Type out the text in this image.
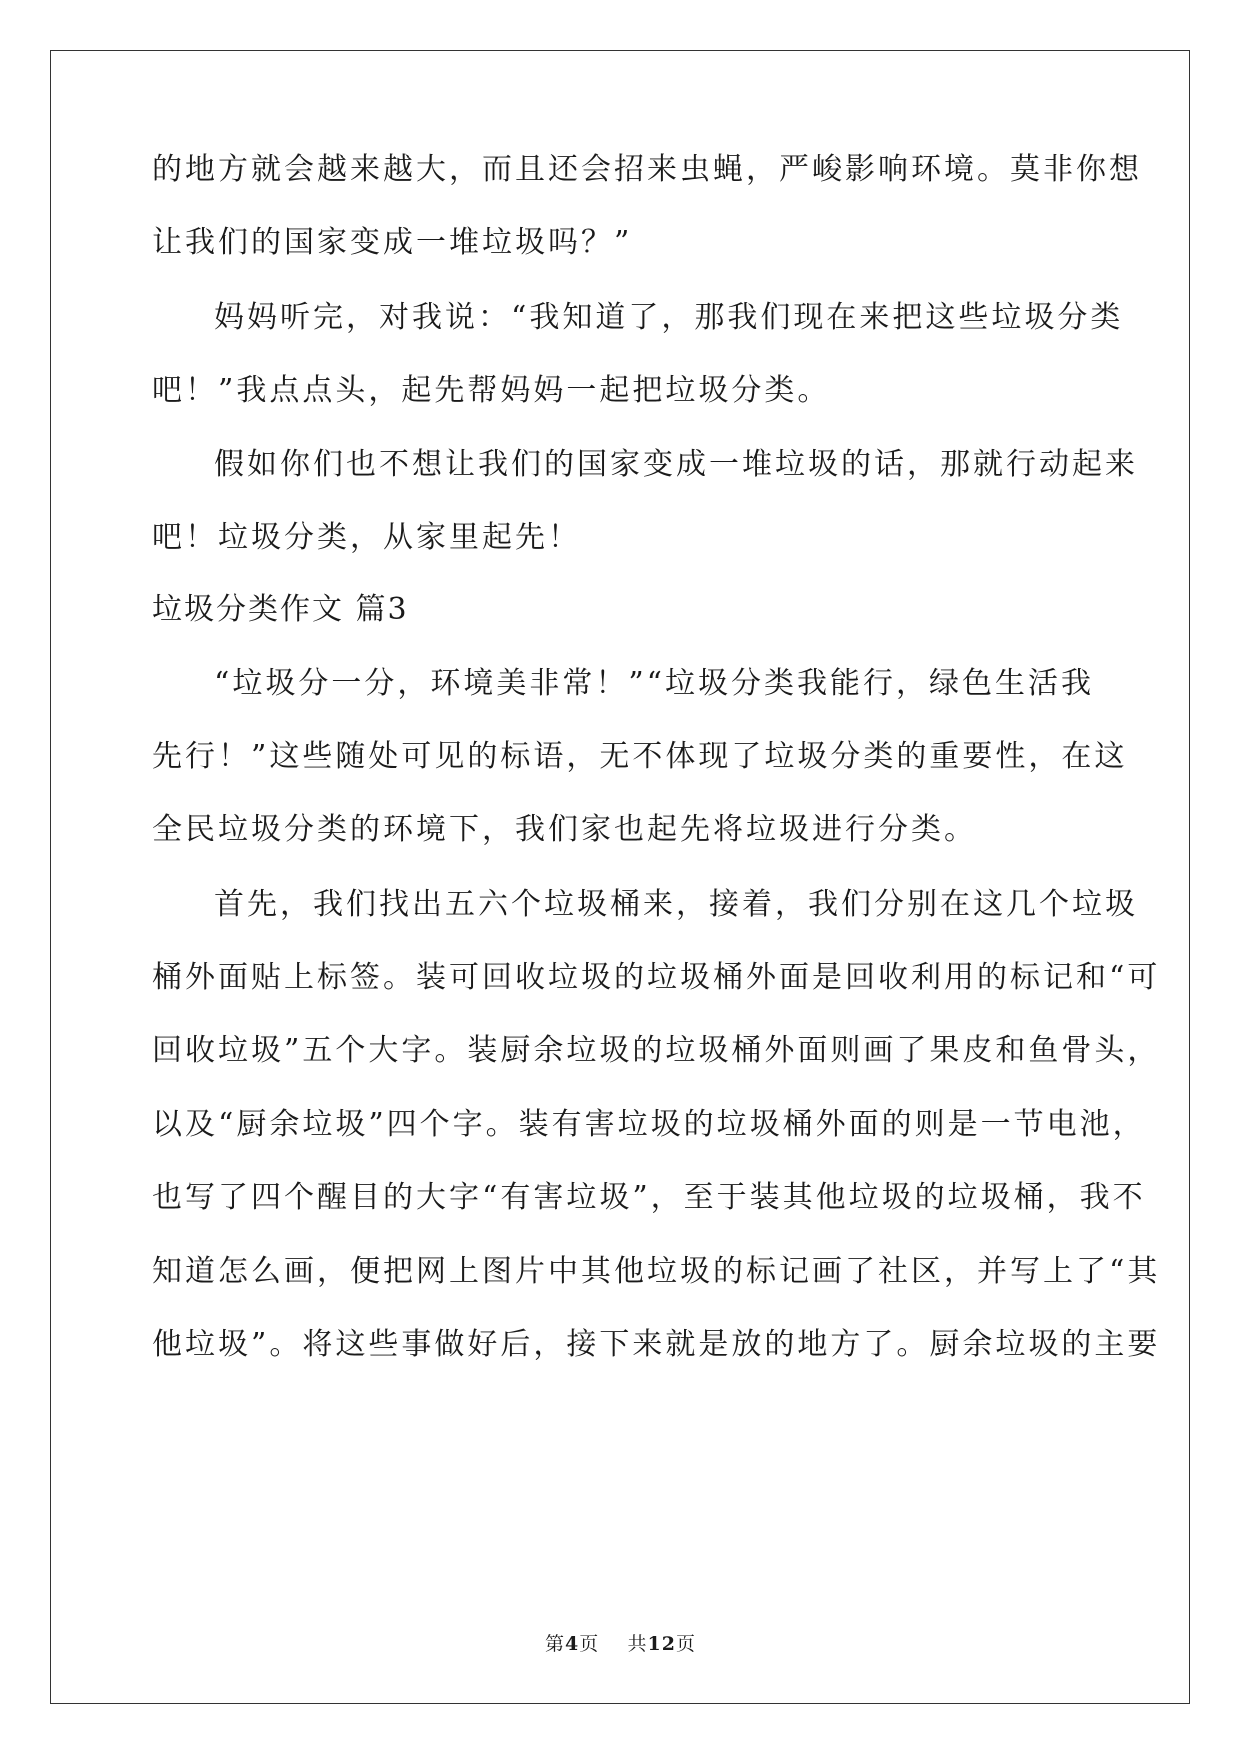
的地方就会越来越大，而且还会招来虫蝇，严峻影响环境。莫非你想
让我们的国家变成一堆垃圾吗？”
妈妈听完，对我说：“我知道了，那我们现在来把这些垃圾分类
吧！”我点点头，起先帮妈妈一起把垃圾分类。
假如你们也不想让我们的国家变成一堆垃圾的话，那就行动起来
吧！垃圾分类，从家里起先！
垃圾分类作文 篇3
“垃圾分一分，环境美非常！”“垃圾分类我能行，绿色生活我
先行！”这些随处可见的标语，无不体现了垃圾分类的重要性，在这
全民垃圾分类的环境下，我们家也起先将垃圾进行分类。
首先，我们找出五六个垃圾桶来，接着，我们分别在这几个垃圾
桶外面贴上标签。装可回收垃圾的垃圾桶外面是回收利用的标记和“可
回收垃圾”五个大字。装厨余垃圾的垃圾桶外面则画了果皮和鱼骨头，
以及“厨余垃圾”四个字。装有害垃圾的垃圾桶外面的则是一节电池，
也写了四个醒目的大字“有害垃圾”，至于装其他垃圾的垃圾桶，我不
知道怎么画，便把网上图片中其他垃圾的标记画了社区，并写上了“其
他垃圾”。将这些事做好后，接下来就是放的地方了。厨余垃圾的主要
第4页 共12页
